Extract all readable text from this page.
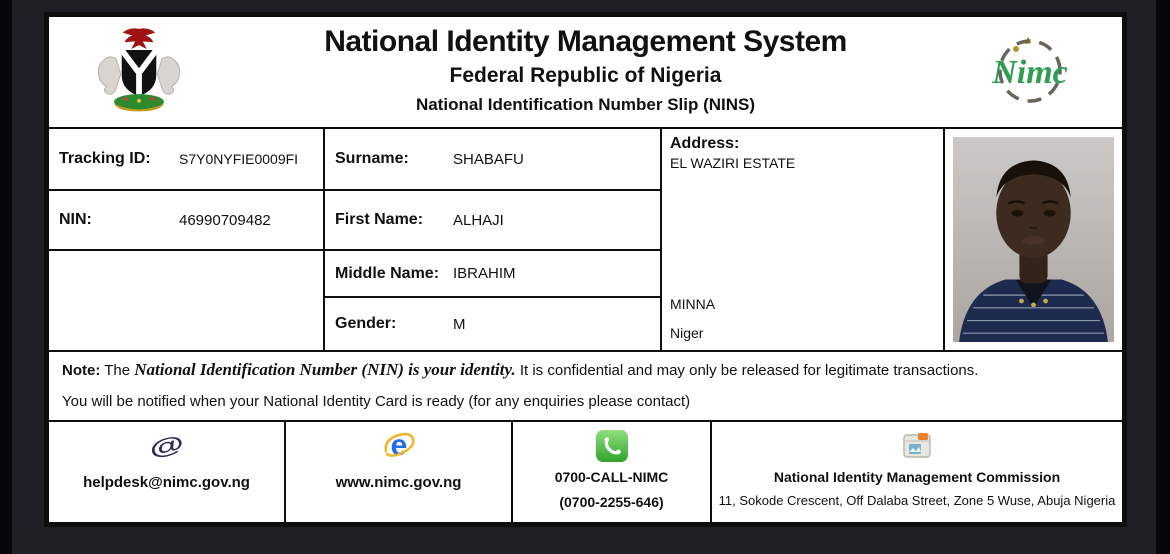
National Identity Management System
Federal Republic of Nigeria
National Identification Number Slip (NINS)
Nimc
Tracking ID:	S7Y0NYFIE0009FI
NIN:	46990709482
Surname:	SHABAFU
First Name:	ALHAJI
Middle Name: IBRAHIM
Gender:	M
Address:
EL WAZIRI ESTATE
MINNA
Niger
Note: The National Identification Number (NIN) is your identity. It is confidential and may only be released for legitimate transactions.
You will be notified when your National Identity Card is ready (for any enquiries please contact)
@
helpdesk@nimc.gov.ng
e
www.nimc.gov.ng	0700-CALL-NIMC
(0700-2255-646)
National Identity Management Commission
11, Sokode Crescent, Off Dalaba Street, Zone 5 Wuse, Abuja Nigeria
